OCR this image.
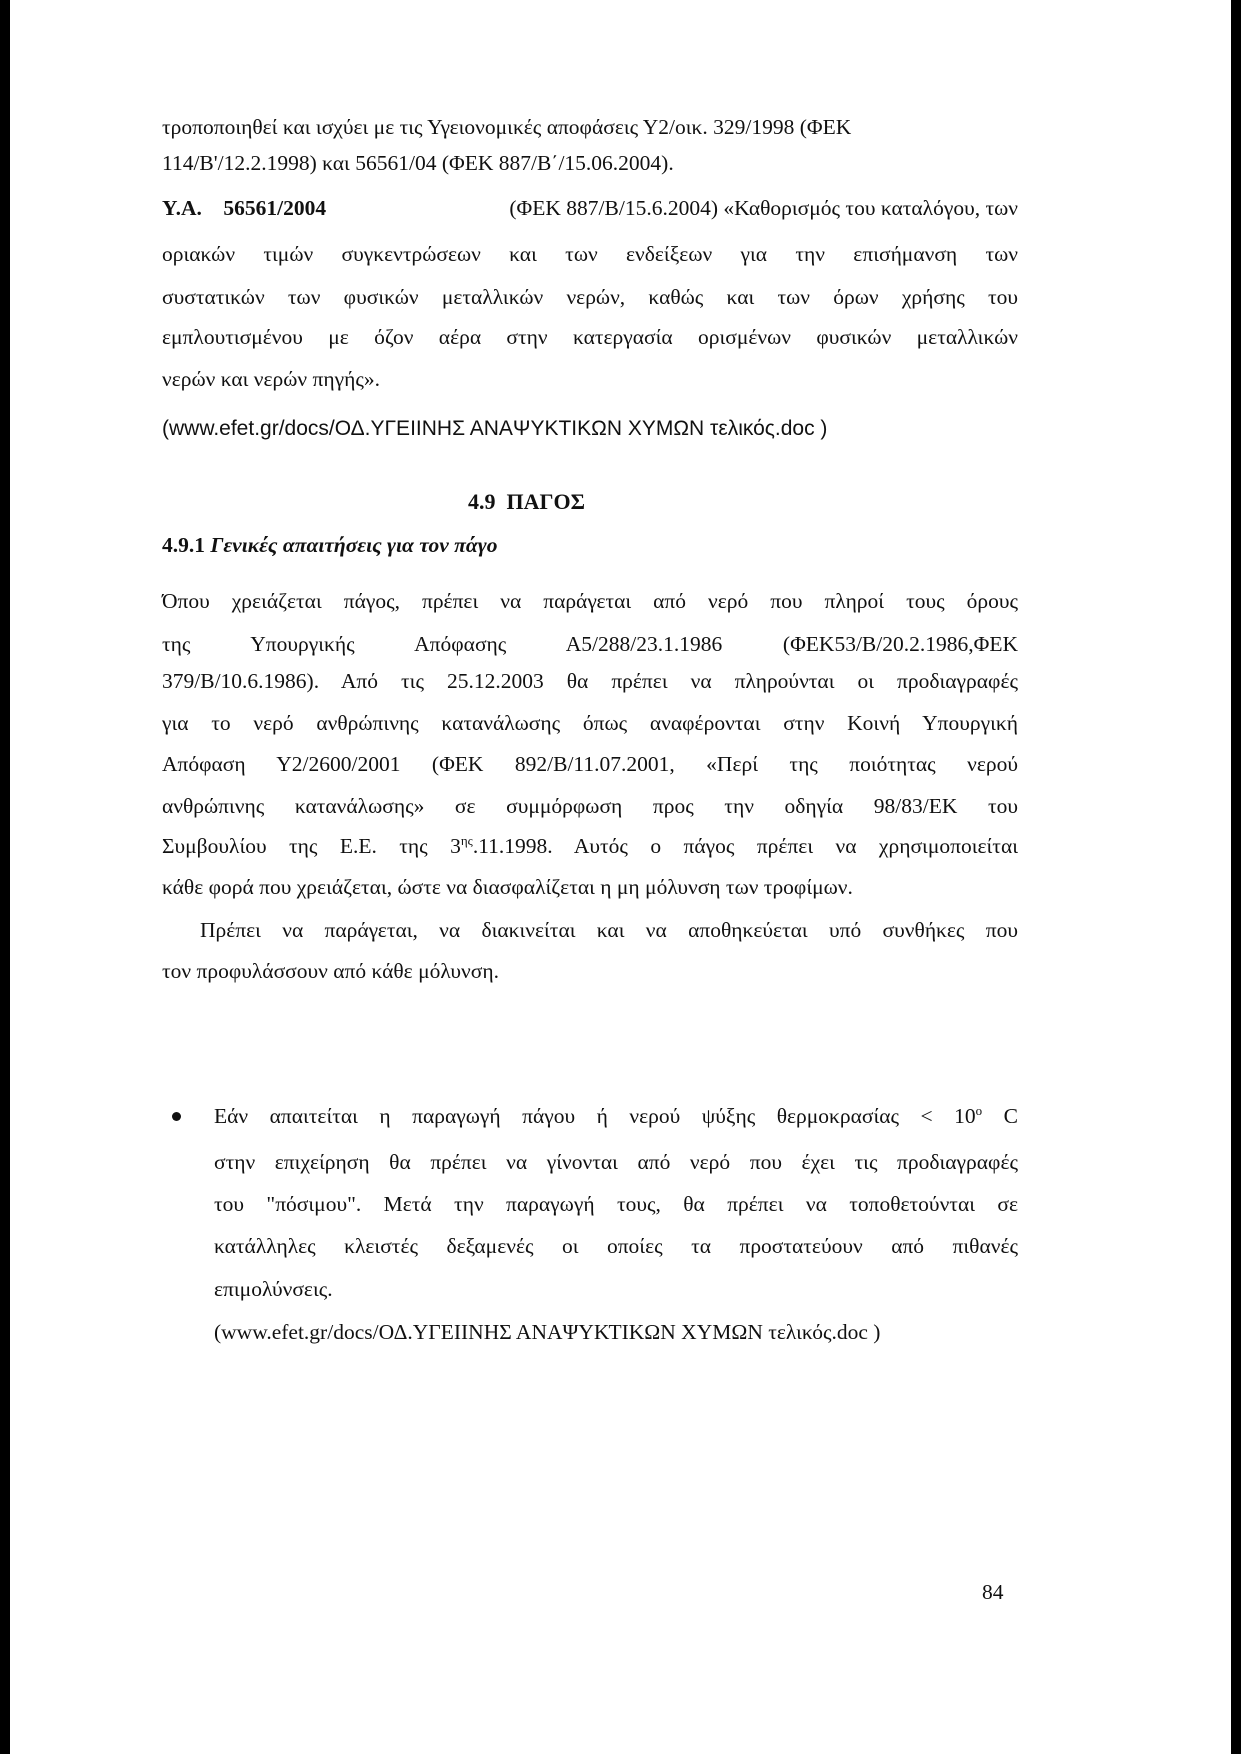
τροποποιηθεί και ισχύει με τις Υγειονομικές αποφάσεις Υ2/οικ. 329/1998 (ΦΕΚ
114/Β'/12.2.1998) και 56561/04 (ΦΕΚ 887/Β΄/15.06.2004).
Υ.Α. 56561/2004	(ΦΕΚ 887/Β/15.6.2004) «Καθορισμός του καταλόγου, των
οριακών τιμών συγκεντρώσεων και των ενδείξεων για την επισήμανση των
συστατικών των φυσικών μεταλλικών νερών, καθώς και των όρων χρήσης του
εμπλουτισμένου με όζον αέρα στην κατεργασία ορισμένων φυσικών μεταλλικών
νερών και νερών πηγής».
(www.efet.gr/docs/ΟΔ.ΥΓΕΙΙΝΗΣ ΑΝΑΨΥΚΤΙΚΩΝ ΧΥΜΩΝ τελικός.doc )
4.9 ΠΑΓΟΣ
4.9.1 Γενικές απαιτήσεις για τον πάγο
Όπου χρειάζεται πάγος, πρέπει να παράγεται από νερό που πληροί τους όρους
της Υπουργικής Απόφασης Α5/288/23.1.1986 (ΦΕΚ53/Β/20.2.1986,ΦΕΚ
379/Β/10.6.1986). Από τις 25.12.2003 θα πρέπει να πληρούνται οι προδιαγραφές
για το νερό ανθρώπινης κατανάλωσης όπως αναφέρονται στην Κοινή Υπουργική
Απόφαση Υ2/2600/2001 (ΦΕΚ 892/Β/11.07.2001, «Περί της ποιότητας νερού
ανθρώπινης κατανάλωσης» σε συμμόρφωση προς την οδηγία 98/83/ΕΚ του
Συμβουλίου της Ε.Ε. της $3^{\eta\varsigma}.11.1998$. Αυτός ο πάγος πρέπει να χρησιμοποιείται
κάθε φορά που χρειάζεται, ώστε να διασφαλίζεται η μη μόλυνση των τροφίμων.
Πρέπει να παράγεται, να διακινείται και να αποθηκεύεται υπό συνθήκες που
τον προφυλάσσουν από κάθε μόλυνση.
Εάν απαιτείται η παραγωγή πάγου ή νερού ψύξης $\theta\varepsilon\rho\mu o\kappa\rho\alpha\sigma ί\alpha\varsigma < 10^o$ C
στην επιχείρηση θα πρέπει να γίνονται από νερό που έχει τις προδιαγραφές
του "πόσιμου". Μετά την παραγωγή τους, θα πρέπει να τοποθετούνται σε
κατάλληλες κλειστές δεξαμενές οι οποίες τα προστατεύουν από πιθανές
επιμολύνσεις.
(www.efet.gr/docs/ΟΔ.ΥΓΕΙΙΝΗΣ ΑΝΑΨΥΚΤΙΚΩΝ ΧΥΜΩΝ τελικός.doc )
84
